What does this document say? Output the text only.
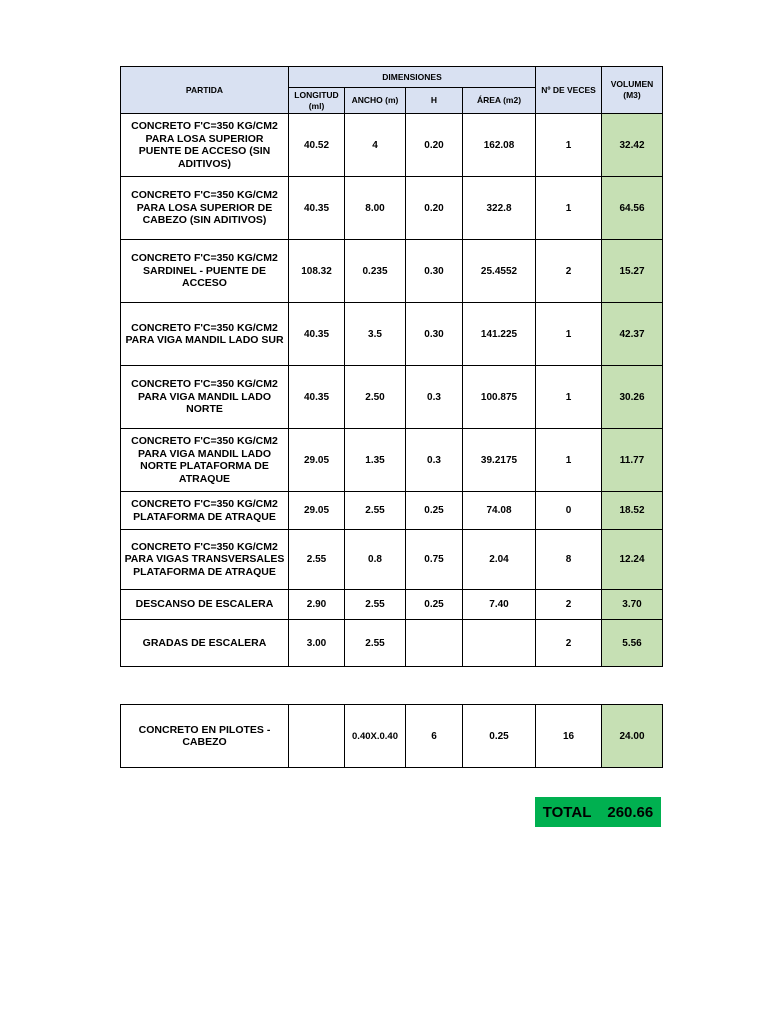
PARTIDA	DIMENSIONES				Nº DE VECES	VOLUMEN (M3)
	LONGITUD (ml)	ANCHO (m)	H	ÁREA (m2)		
CONCRETO F'C=350 KG/CM2 PARA LOSA SUPERIOR PUENTE DE ACCESO (SIN ADITIVOS)	40.52	4	0.20	162.08	1	32.42
CONCRETO F'C=350 KG/CM2 PARA LOSA SUPERIOR DE CABEZO (SIN ADITIVOS)	40.35	8.00	0.20	322.8	1	64.56
CONCRETO F'C=350 KG/CM2 SARDINEL - PUENTE DE ACCESO	108.32	0.235	0.30	25.4552	2	15.27
CONCRETO F'C=350 KG/CM2 PARA VIGA MANDIL LADO SUR	40.35	3.5	0.30	141.225	1	42.37
CONCRETO F'C=350 KG/CM2 PARA VIGA MANDIL LADO NORTE	40.35	2.50	0.3	100.875	1	30.26
CONCRETO F'C=350 KG/CM2 PARA VIGA MANDIL LADO NORTE PLATAFORMA DE ATRAQUE	29.05	1.35	0.3	39.2175	1	11.77
CONCRETO F'C=350 KG/CM2 PLATAFORMA DE ATRAQUE	29.05	2.55	0.25	74.08	0	18.52
CONCRETO F'C=350 KG/CM2 PARA VIGAS TRANSVERSALES PLATAFORMA DE ATRAQUE	2.55	0.8	0.75	2.04	8	12.24
DESCANSO DE ESCALERA	2.90	2.55	0.25	7.40	2	3.70
GRADAS DE ESCALERA	3.00	2.55			2	5.56
CONCRETO EN PILOTES - CABEZO		0.40X.0.40	6	0.25	16	24.00
TOTAL 260.66
